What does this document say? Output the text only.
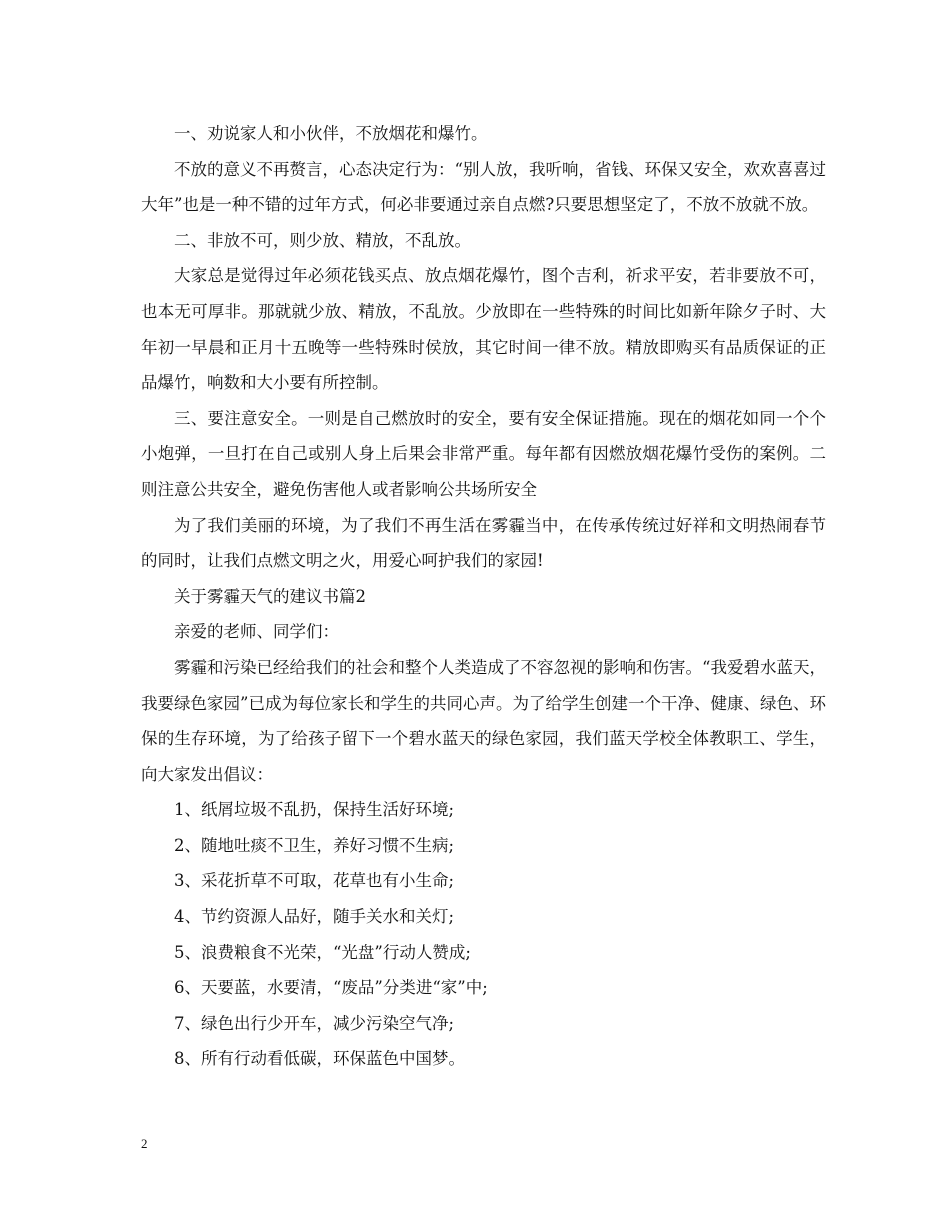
一、劝说家人和小伙伴，不放烟花和爆竹。

不放的意义不再赘言，心态决定行为：“别人放，我听响，省钱、环保又安全，欢欢喜喜过大年”也是一种不错的过年方式，何必非要通过亲自点燃?只要思想坚定了，不放不放就不放。

二、非放不可，则少放、精放，不乱放。

大家总是觉得过年必须花钱买点、放点烟花爆竹，图个吉利，祈求平安，若非要放不可，也本无可厚非。那就就少放、精放，不乱放。少放即在一些特殊的时间比如新年除夕子时、大年初一早晨和正月十五晚等一些特殊时侯放，其它时间一律不放。精放即购买有品质保证的正品爆竹，响数和大小要有所控制。

三、要注意安全。一则是自己燃放时的安全，要有安全保证措施。现在的烟花如同一个个小炮弹，一旦打在自己或别人身上后果会非常严重。每年都有因燃放烟花爆竹受伤的案例。二则注意公共安全，避免伤害他人或者影响公共场所安全

为了我们美丽的环境，为了我们不再生活在雾霾当中，在传承传统过好祥和文明热闹春节的同时，让我们点燃文明之火，用爱心呵护我们的家园!

关于雾霾天气的建议书篇2

亲爱的老师、同学们：

雾霾和污染已经给我们的社会和整个人类造成了不容忽视的影响和伤害。“我爱碧水蓝天，我要绿色家园”已成为每位家长和学生的共同心声。为了给学生创建一个干净、健康、绿色、环保的生存环境，为了给孩子留下一个碧水蓝天的绿色家园，我们蓝天学校全体教职工、学生，向大家发出倡议：

1、纸屑垃圾不乱扔，保持生活好环境;

2、随地吐痰不卫生，养好习惯不生病;

3、采花折草不可取，花草也有小生命;

4、节约资源人品好，随手关水和关灯;

5、浪费粮食不光荣，“光盘”行动人赞成;

6、天要蓝，水要清，“废品”分类进“家”中;

7、绿色出行少开车，减少污染空气净;

8、所有行动看低碳，环保蓝色中国梦。

2
